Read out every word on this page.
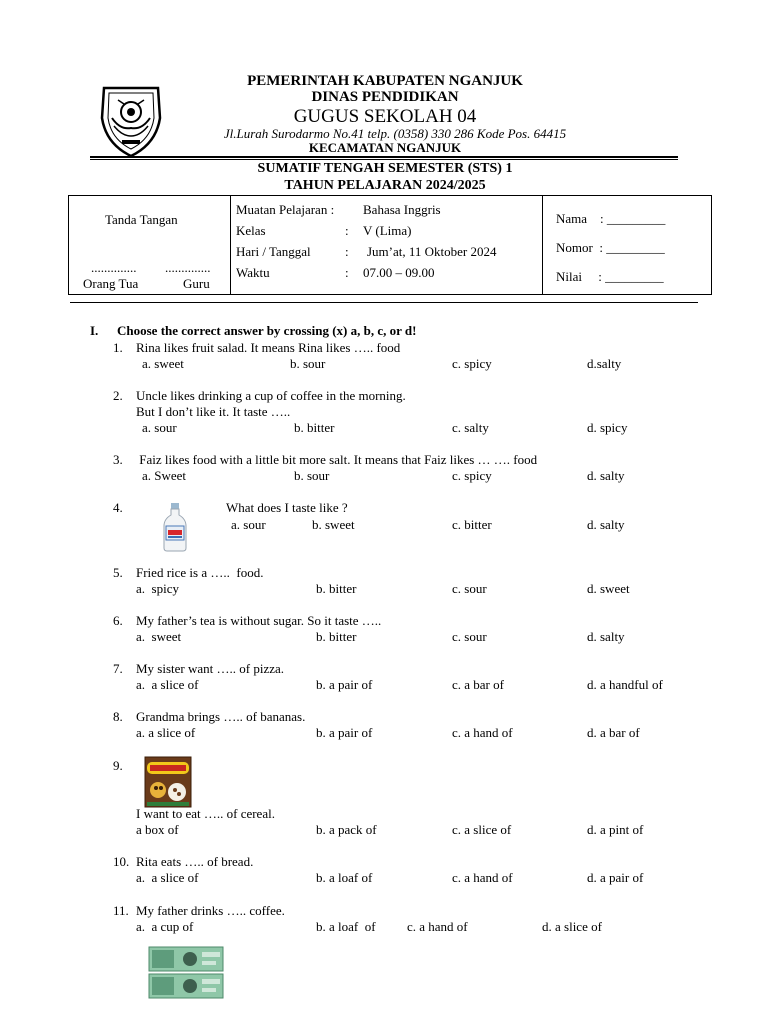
PEMERINTAH KABUPATEN NGANJUK
DINAS PENDIDIKAN
GUGUS SEKOLAH 04
Jl.Lurah Surodarmo No.41 telp. (0358) 330 286 Kode Pos. 64415
KECAMATAN NGANJUK
SUMATIF TENGAH SEMESTER (STS) 1
TAHUN PELAJARAN 2024/2025
Tanda Tangan
.............. ..............
Orang Tua	Guru
Muatan Pelajaran : Bahasa Inggris
Kelas	: V (Lima)
Hari / Tanggal	: Jum’at, 11 Oktober 2024
Waktu	: 07.00 – 09.00
Nama    : _________
Nomor  : _________
Nilai     : _________
I. Choose the correct answer by crossing (x) a, b, c, or d!
1. Rina likes fruit salad. It means Rina likes ….. food
a. sweet	b. sour	c. spicy	d.salty
2. Uncle likes drinking a cup of coffee in the morning.
But I don’t like it. It taste …..
a. sour	b. bitter	c. salty	d. spicy
3. Faiz likes food with a little bit more salt. It means that Faiz likes … …. food
a. Sweet	b. sour	c. spicy	d. salty
4.	What does I taste like ?
a. sour	b. sweet	c. bitter	d. salty
5. Fried rice is a …..  food.
a.  spicy	b. bitter	c. sour	d. sweet
6. My father’s tea is without sugar. So it taste …..
a.  sweet	b. bitter	c. sour	d. salty
7. My sister want ….. of pizza.
a.  a slice of	b. a pair of	c. a bar of	d. a handful of
8. Grandma brings ….. of bananas.
a. a slice of	b. a pair of	c. a hand of	d. a bar of
9.
I want to eat ….. of cereal.
a box of	b. a pack of	c. a slice of	d. a pint of
10. Rita eats ….. of bread.
a.  a slice of	b. a loaf of	c. a hand of	d. a pair of
11. My father drinks ….. coffee.
a.  a cup of	b. a loaf  of c. a hand of	d. a slice of
